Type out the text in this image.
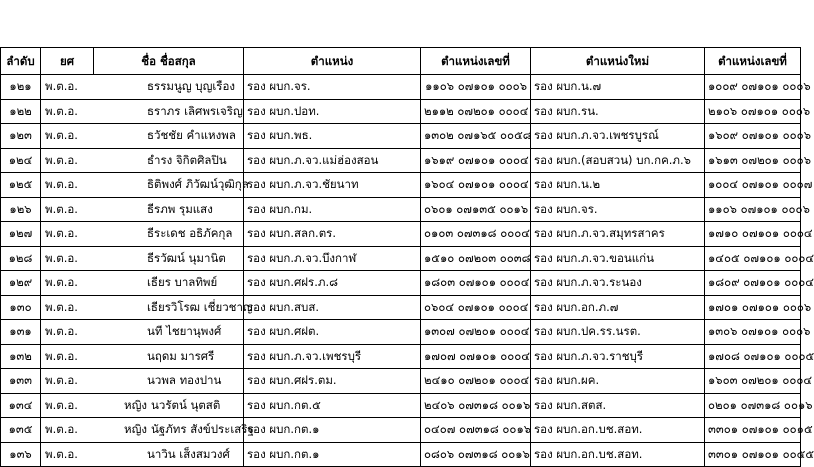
ลำดับ	ยศ	ชื่อ ชื่อสกุล	ตำแหน่ง	ตำแหน่งเลขที่	ตำแหน่งใหม่	ตำแหน่งเลขที่
๑๒๑	พ.ต.อ. ธรรมนูญ บุญเรือง		รอง ผบก.จร.	๑๑๐๖ ๐๗๑๐๑ ๐๐๐๖	รอง ผบก.น.๗	๑๐๐๙ ๐๗๑๐๑ ๐๐๐๖
๑๒๒	พ.ต.อ. ธราภร เลิศพรเจริญ		รอง ผบก.ปอท.	๒๑๑๒ ๐๗๒๐๑ ๐๐๐๔	รอง ผบก.รน.	๒๑๐๖ ๐๗๑๐๑ ๐๐๐๖
๑๒๓	พ.ต.อ. ธวัชชัย คำแหงพล		รอง ผบก.พธ.	๑๓๐๒ ๐๗๑๖๕ ๐๐๕๘	รอง ผบก.ภ.จว.เพชรบูรณ์	๑๖๐๙ ๐๗๑๐๑ ๐๐๐๖
๑๒๔	พ.ต.อ. ธำรง จิกิตศิลปิน		รอง ผบก.ภ.จว.แม่ฮ่องสอน	๑๖๑๙ ๐๗๑๐๑ ๐๐๐๔	รอง ผบก.(สอบสวน) บก.กค.ภ.๖	๑๖๑๓ ๐๗๒๐๑ ๐๐๐๖
๑๒๕	พ.ต.อ. ธิติพงศ์ ภิวัฒน์วุฒิกุล		รอง ผบก.ภ.จว.ชัยนาท	๑๖๐๔ ๐๗๑๐๑ ๐๐๐๔	รอง ผบก.น.๒	๑๐๐๔ ๐๗๑๐๑ ๐๐๐๗
๑๒๖	พ.ต.อ. ธีรภพ รุมแสง		รอง ผบก.กม.	๐๖๐๑ ๐๗๑๓๕ ๐๐๑๖	รอง ผบก.จร.	๑๑๐๖ ๐๗๑๐๑ ๐๐๐๖
๑๒๗	พ.ต.อ. ธีระเดช อธิภัคกุล		รอง ผบก.สลก.ตร.	๐๑๐๓ ๐๗๓๑๘ ๐๐๐๔	รอง ผบก.ภ.จว.สมุทรสาคร	๑๗๑๐ ๐๗๑๐๑ ๐๐๐๔
๑๒๘	พ.ต.อ. ธีรวัฒน์ นุมานิต		รอง ผบก.ภ.จว.บึงกาฬ	๑๕๑๐ ๐๗๒๐๓ ๐๐๓๘	รอง ผบก.ภ.จว.ขอนแก่น	๑๔๐๕ ๐๗๑๐๑ ๐๐๐๔
๑๒๙	พ.ต.อ. เธียร บาลทิพย์		รอง ผบก.ศฝร.ภ.๘	๑๘๐๓ ๐๗๑๐๑ ๐๐๐๔	รอง ผบก.ภ.จว.ระนอง	๑๘๐๙ ๐๗๑๐๑ ๐๐๐๔
๑๓๐	พ.ต.อ. เธียรวิโรฒ เชี่ยวชาญ		รอง ผบก.สบส.	๐๖๐๔ ๐๗๑๐๑ ๐๐๐๔	รอง ผบก.อก.ภ.๗	๑๗๐๑ ๐๗๑๐๑ ๐๐๐๖
๑๓๑	พ.ต.อ. นที ไชยานุพงศ์		รอง ผบก.ศฝต.	๑๓๐๗ ๐๗๒๐๑ ๐๐๐๔	รอง ผบก.ปค.รร.นรต.	๑๓๐๖ ๐๗๑๐๑ ๐๐๐๖
๑๓๒	พ.ต.อ. นฤดม มารศรี		รอง ผบก.ภ.จว.เพชรบุรี	๑๗๐๗ ๐๗๑๐๑ ๐๐๐๔	รอง ผบก.ภ.จว.ราชบุรี	๑๗๐๘ ๐๗๑๐๑ ๐๐๐๕
๑๓๓	พ.ต.อ. นวพล ทองปาน		รอง ผบก.ศฝร.ตม.	๒๔๑๐ ๐๗๒๐๑ ๐๐๐๔	รอง ผบก.ผค.	๑๖๐๓ ๐๗๒๐๑ ๐๐๐๔
๑๓๔	พ.ต.อ. หญิง นวรัตน์ นุตสติ		รอง ผบก.กต.๕	๒๔๐๖ ๐๗๓๑๘ ๐๐๑๖	รอง ผบก.สตส.	๐๒๐๑ ๐๗๓๑๘ ๐๐๑๖
๑๓๕	พ.ต.อ. หญิง นัฐภัทร สังข์ประเสริฐ		รอง ผบก.กต.๑	๐๔๐๗ ๐๗๓๑๘ ๐๐๑๖	รอง ผบก.อก.บช.สอท.	๓๓๐๑ ๐๗๑๐๑ ๐๐๑๕
๑๓๖	พ.ต.อ. นาวิน เส็งสมวงศ์		รอง ผบก.กต.๑	๐๘๐๖ ๐๗๓๑๘ ๐๐๑๖	รอง ผบก.อก.บช.สอท.	๓๓๐๑ ๐๗๑๐๑ ๐๐๕๕
